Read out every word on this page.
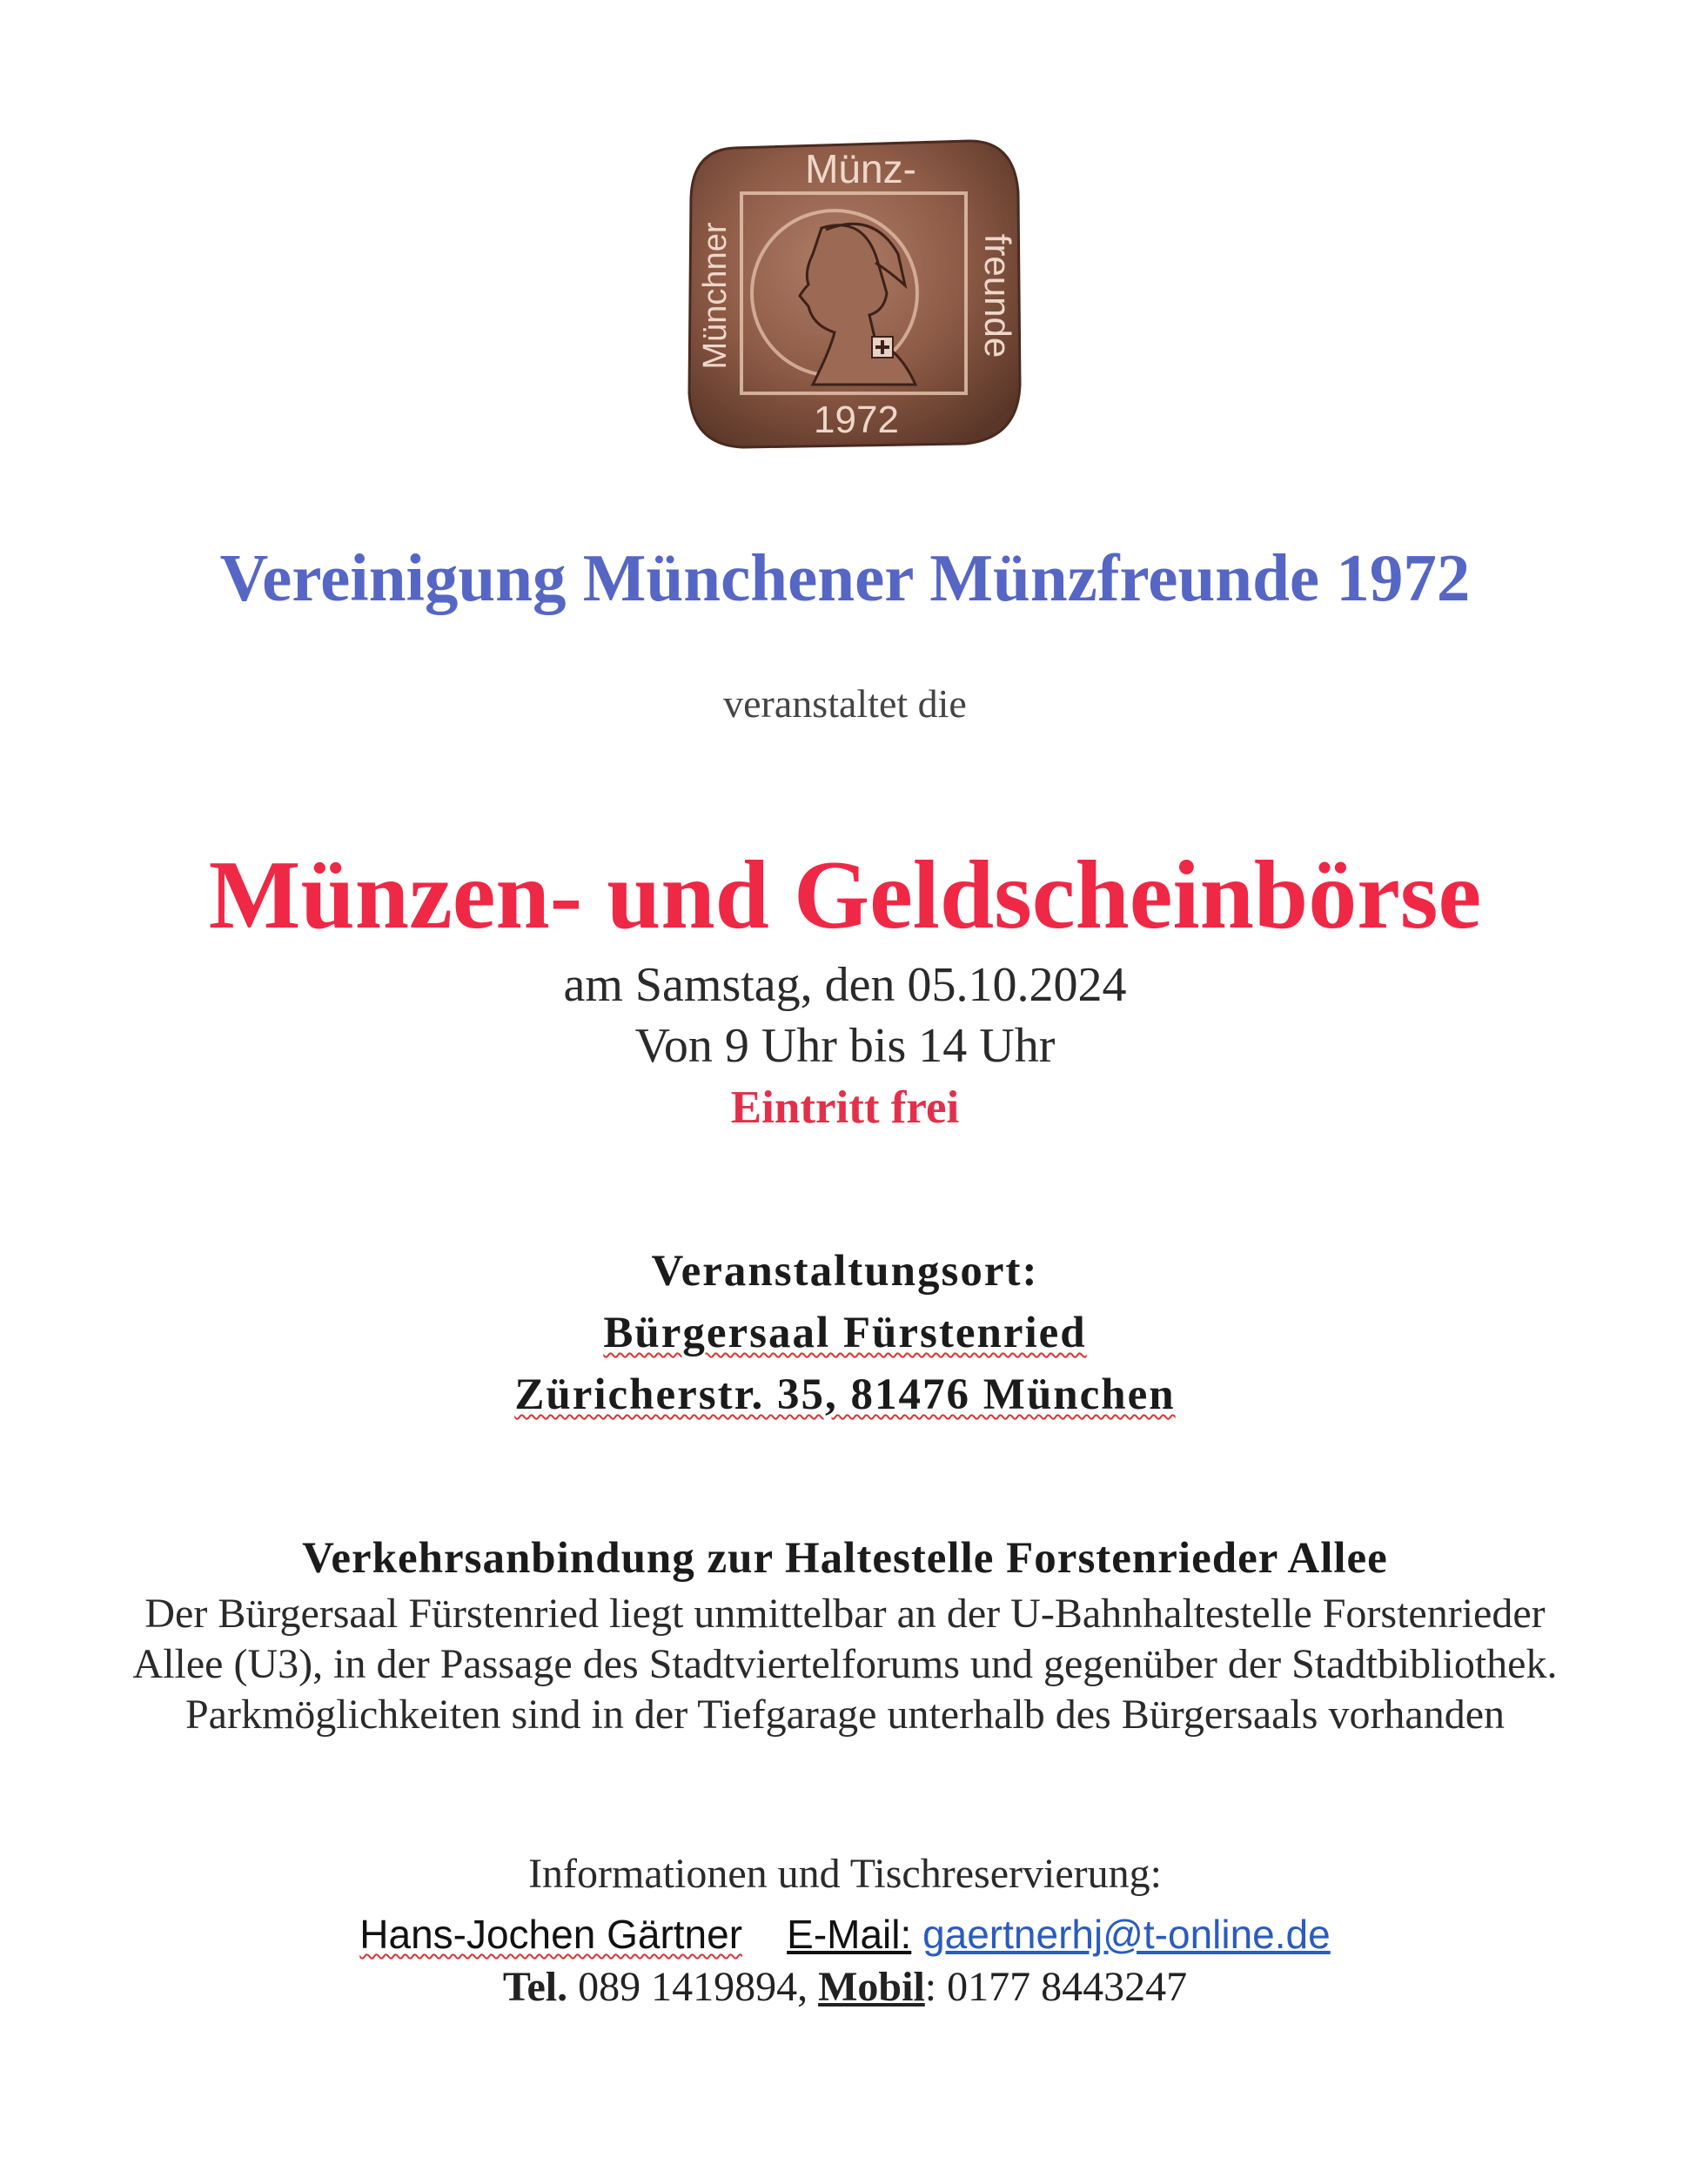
Münz-
1972
Münchner	freunde
Vereinigung Münchener Münzfreunde 1972
veranstaltet die
Münzen- und Geldscheinbörse
am Samstag, den 05.10.2024
Von 9 Uhr bis 14 Uhr
Eintritt frei
Veranstaltungsort:
Bürgersaal Fürstenried
Züricherstr. 35, 81476 München
Verkehrsanbindung zur Haltestelle Forstenrieder Allee
Der Bürgersaal Fürstenried liegt unmittelbar an der U-Bahnhaltestelle Forstenrieder Allee (U3), in der Passage des Stadtviertelforums und gegenüber der Stadtbibliothek. Parkmöglichkeiten sind in der Tiefgarage unterhalb des Bürgersaals vorhanden
Informationen und Tischreservierung:
Hans-Jochen Gärtner E-Mail: gaertnerhj@t-online.de
Tel. 089 1419894, Mobil: 0177 8443247
